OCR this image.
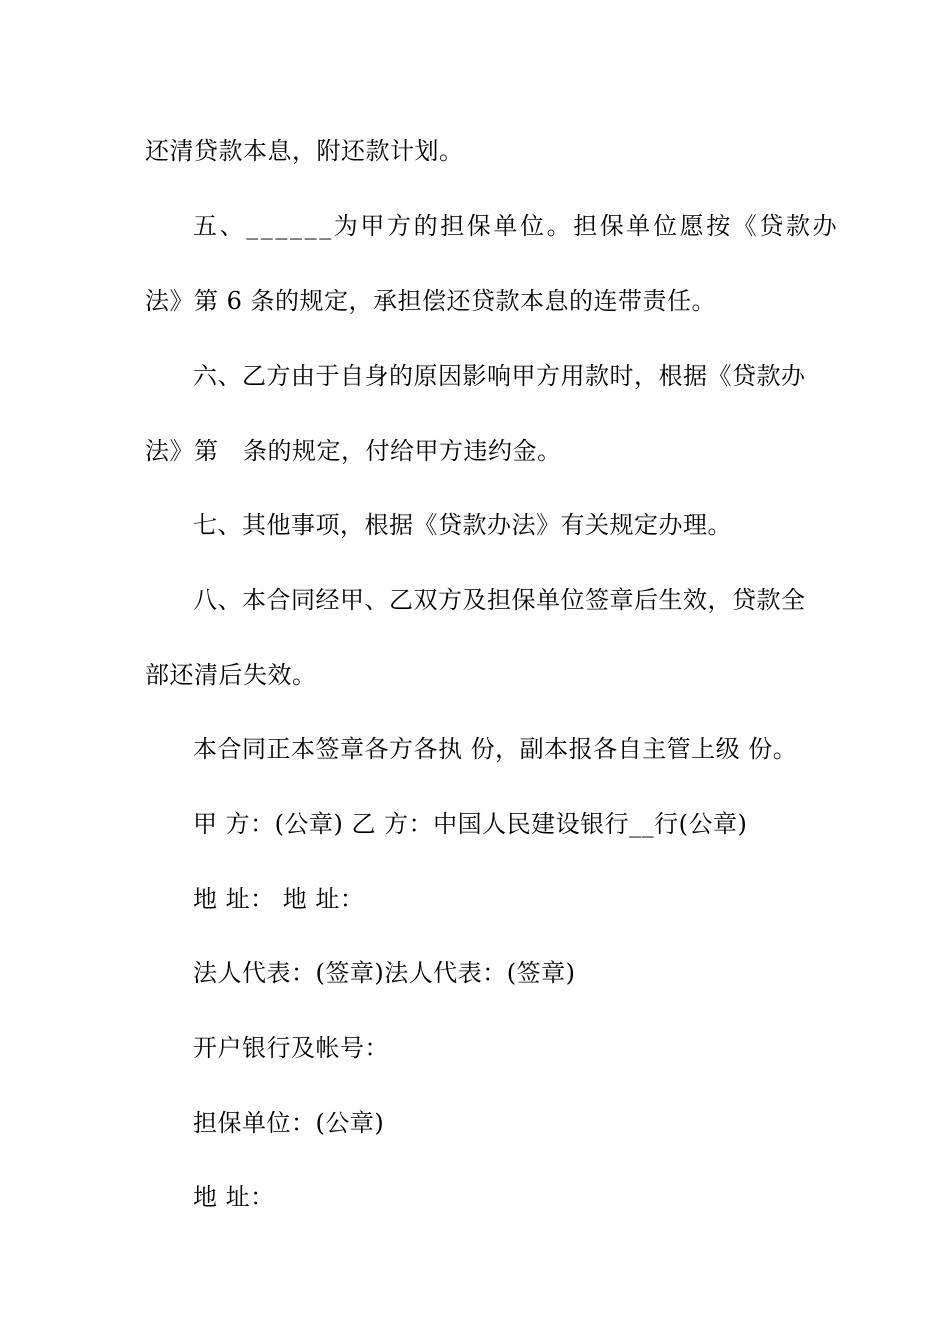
还清贷款本息，附还款计划。
五、______为甲方的担保单位。担保单位愿按《贷款办
法》第 6 条的规定，承担偿还贷款本息的连带责任。
六、乙方由于自身的原因影响甲方用款时，根据《贷款办
法》第　条的规定，付给甲方违约金。
七、其他事项，根据《贷款办法》有关规定办理。
八、本合同经甲、乙双方及担保单位签章后生效，贷款全
部还清后失效。
本合同正本签章各方各执 份，副本报各自主管上级 份。
甲 方：(公章) 乙 方：中国人民建设银行__行(公章)
地 址： 地 址：
法人代表：(签章)法人代表：(签章)
开户银行及帐号：
担保单位：(公章)
地 址：
